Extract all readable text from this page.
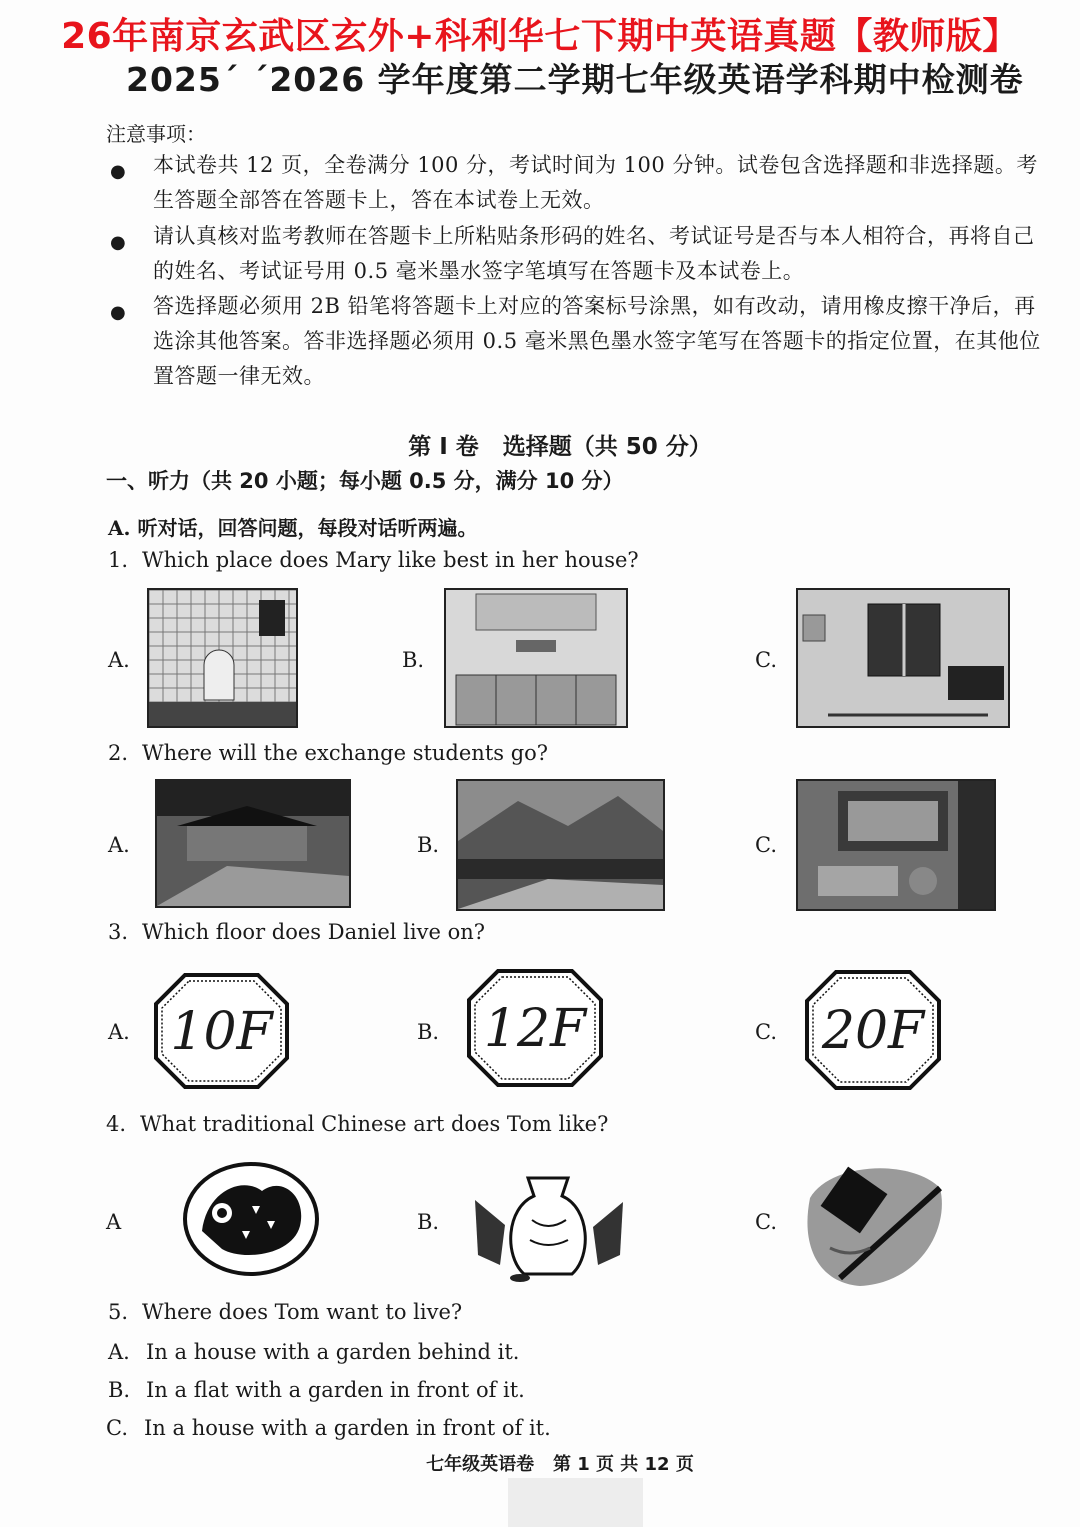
26年南京玄武区玄外+科利华七下期中英语真题【教师版】
2025´ ´2026 学年度第二学期七年级英语学科期中检测卷
注意事项：
● 本试卷共 12 页，全卷满分 100 分，考试时间为 100 分钟。试卷包含选择题和非选择题。考生答题全部答在答题卡上，答在本试卷上无效。
● 请认真核对监考教师在答题卡上所粘贴条形码的姓名、考试证号是否与本人相符合，再将自己的姓名、考试证号用 0.5 毫米墨水签字笔填写在答题卡及本试卷上。
● 答选择题必须用 2B 铅笔将答题卡上对应的答案标号涂黑，如有改动，请用橡皮擦干净后，再选涂其他答案。答非选择题必须用 0.5 毫米黑色墨水签字笔写在答题卡的指定位置，在其他位置答题一律无效。
第 I 卷   选择题（共 50 分）
一、听力（共 20 小题；每小题 0.5 分，满分 10 分）
A. 听对话，回答问题，每段对话听两遍。
1. Which place does Mary like best in her house?
A.	B.	C.
2. Where will the exchange students go?
A.	B.	C.
3. Which floor does Daniel live on?
A. 10F	B. 12F	C. 20F
4. What traditional Chinese art does Tom like?
A	B.	C.
5. Where does Tom want to live?
A. In a house with a garden behind it.
B. In a flat with a garden in front of it.
C. In a house with a garden in front of it.
七年级英语卷   第 1 页 共 12 页
